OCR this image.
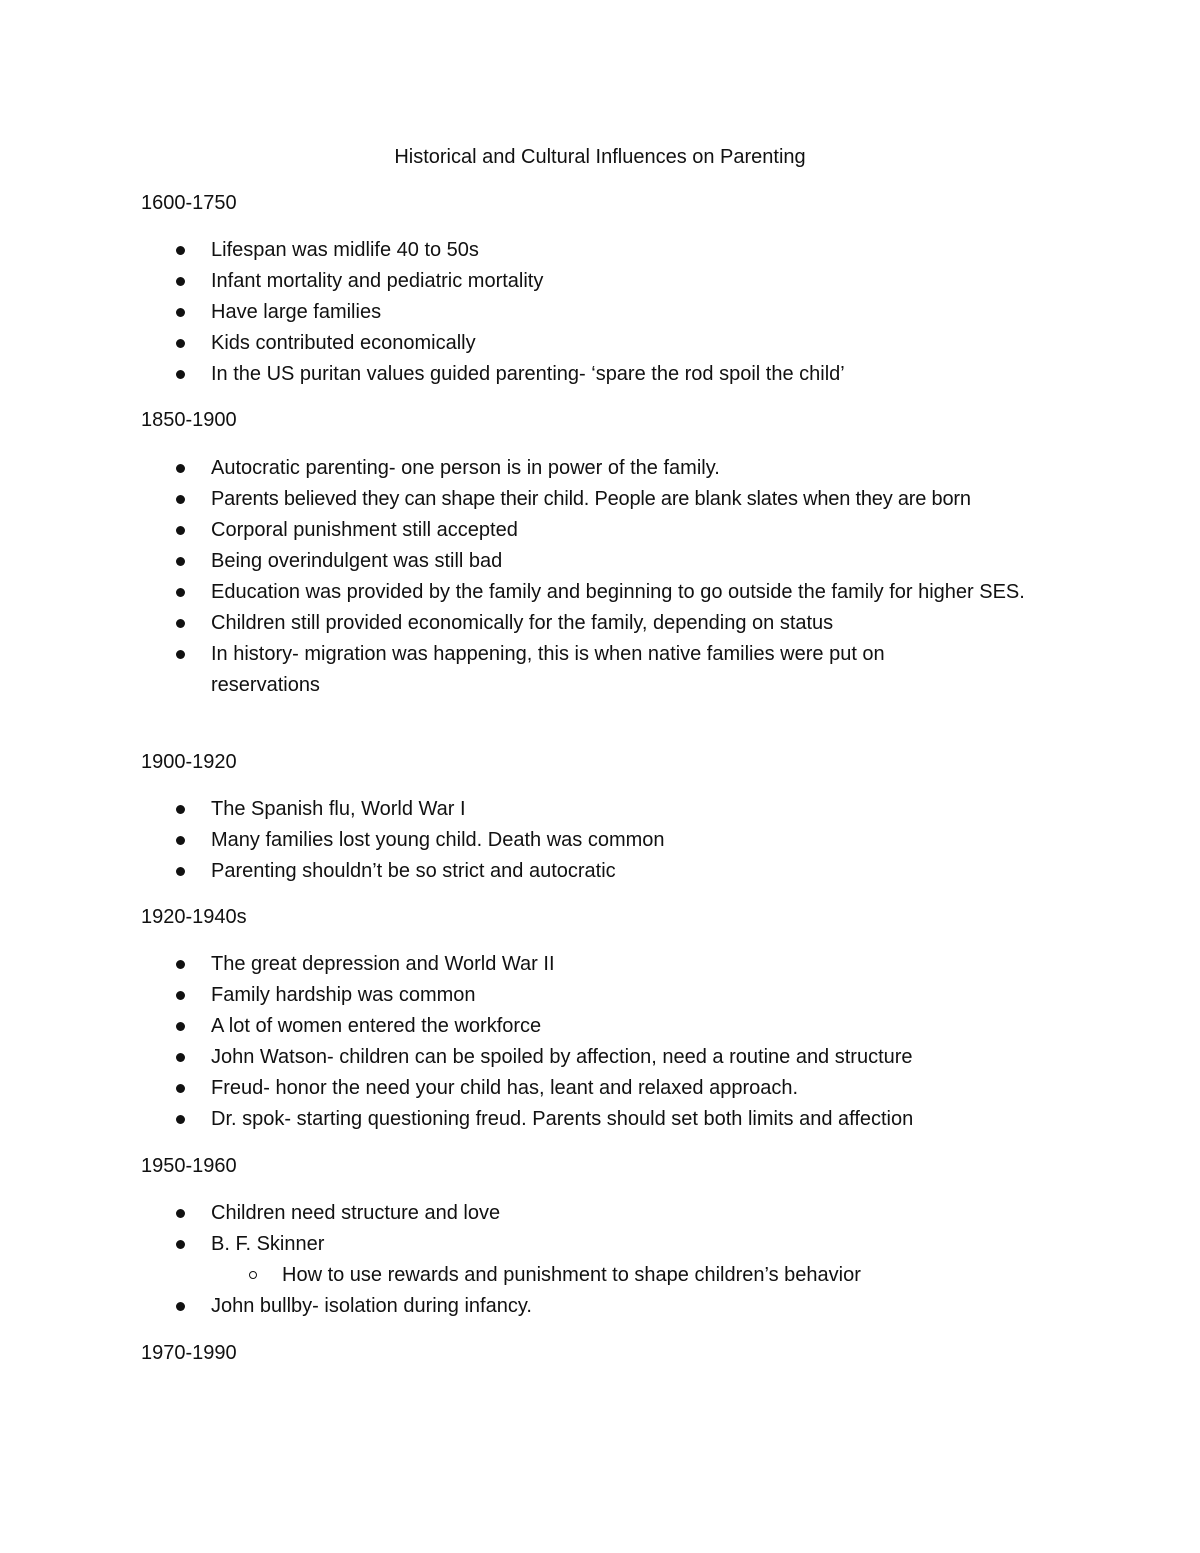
Historical and Cultural Influences on Parenting
1600-1750
Lifespan was midlife 40 to 50s
Infant mortality and pediatric mortality
Have large families
Kids contributed economically
In the US puritan values guided parenting- ‘spare the rod spoil the child’
1850-1900
Autocratic parenting- one person is in power of the family.
Parents believed they can shape their child. People are blank slates when they are born
Corporal punishment still accepted
Being overindulgent was still bad
Education was provided by the family and beginning to go outside the family for higher SES.
Children still provided economically for the family, depending on status
In history- migration was happening, this is when native families were put on reservations
1900-1920
The Spanish flu, World War I
Many families lost young child. Death was common
Parenting shouldn’t be so strict and autocratic
1920-1940s
The great depression and World War II
Family hardship was common
A lot of women entered the workforce
John Watson- children can be spoiled by affection, need a routine and structure
Freud- honor the need your child has, leant and relaxed approach.
Dr. spok- starting questioning freud. Parents should set both limits and affection
1950-1960
Children need structure and love
B. F. Skinner
How to use rewards and punishment to shape children’s behavior
John bullby- isolation during infancy.
1970-1990
